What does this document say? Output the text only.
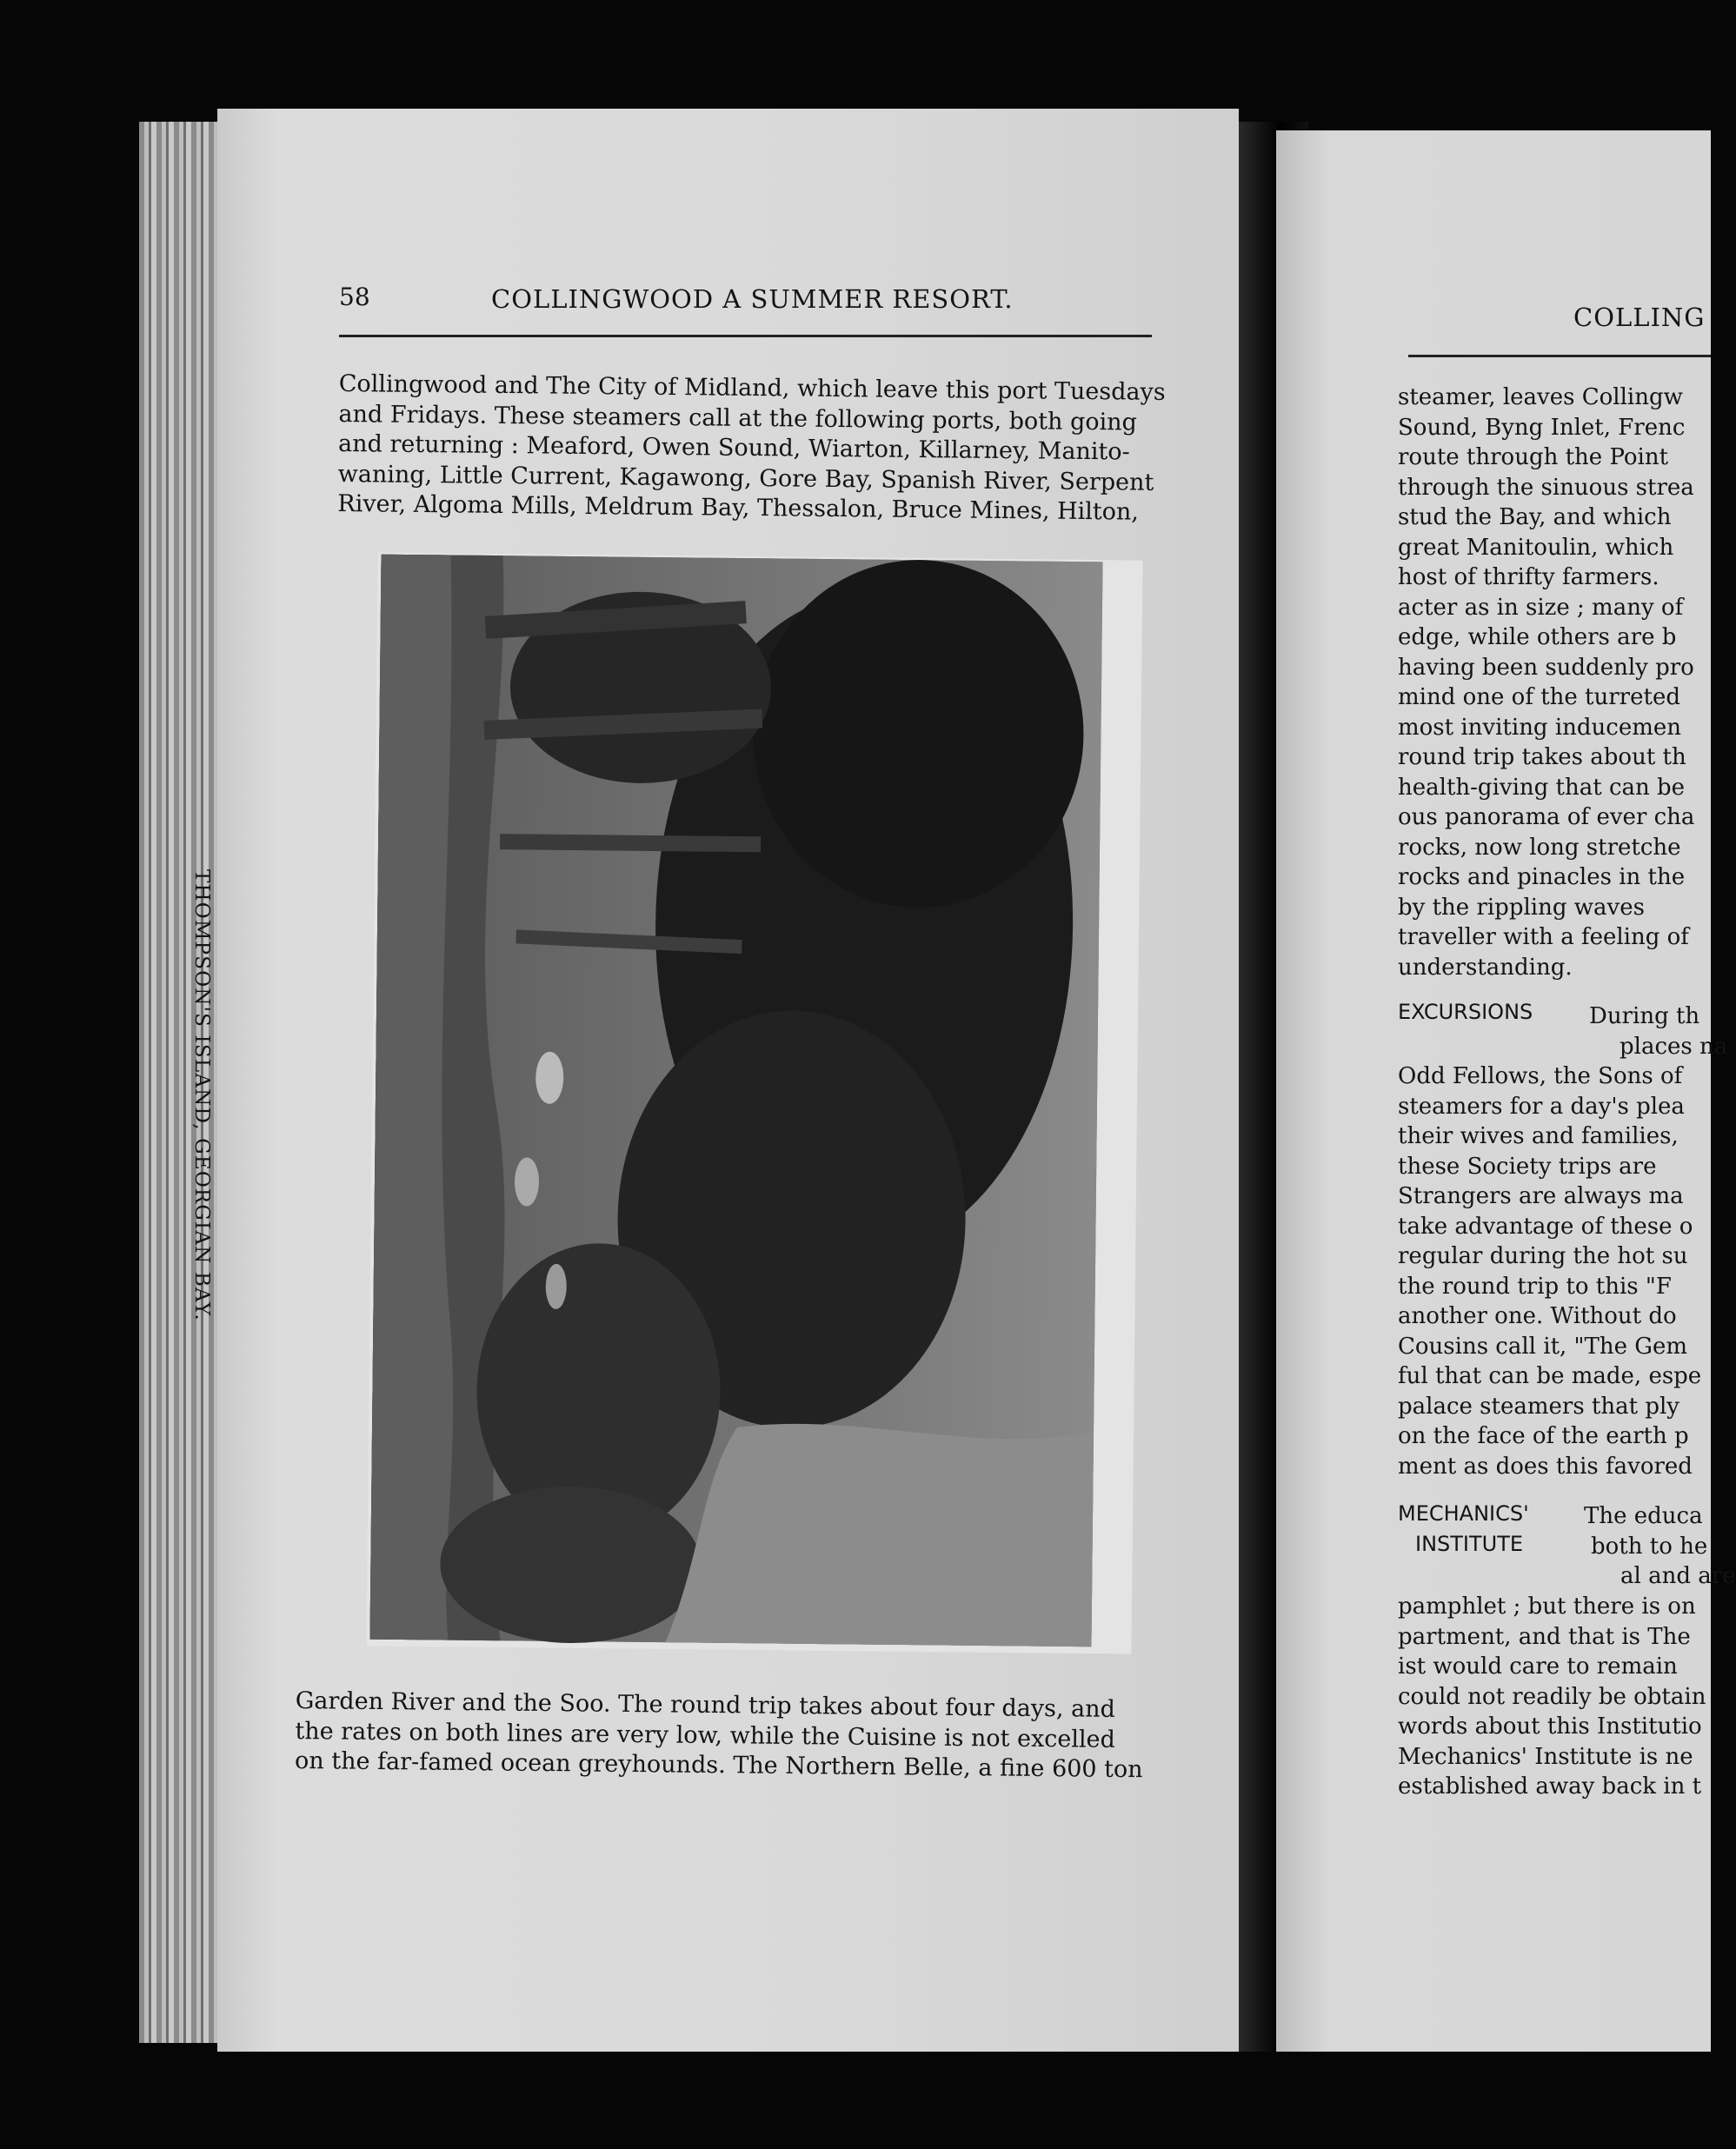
58	COLLINGWOOD A SUMMER RESORT.
Collingwood and The City of Midland, which leave this port Tuesdays
and Fridays. These steamers call at the following ports, both going
and returning : Meaford, Owen Sound, Wiarton, Killarney, Manito-
waning, Little Current, Kagawong, Gore Bay, Spanish River, Serpent
River, Algoma Mills, Meldrum Bay, Thessalon, Bruce Mines, Hilton,
THOMPSON'S ISLAND, GEORGIAN BAY.
Garden River and the Soo. The round trip takes about four days, and
the rates on both lines are very low, while the Cuisine is not excelled
on the far-famed ocean greyhounds. The Northern Belle, a fine 600 ton
COLLING
steamer, leaves Collingw
Sound, Byng Inlet, Frenc
route through the Point
through the sinuous strea
stud the Bay, and which
great Manitoulin, which
host of thrifty farmers.
acter as in size ; many of
edge, while others are b
having been suddenly pro
mind one of the turreted
most inviting inducemen
round trip takes about th
health-giving that can be
ous panorama of ever cha
rocks, now long stretche
rocks and pinacles in the
by the rippling waves
traveller with a feeling of
understanding.
EXCURSIONS During th
places na
Odd Fellows, the Sons of
steamers for a day's plea
their wives and families,
these Society trips are
Strangers are always ma
take advantage of these o
regular during the hot su
the round trip to this "F
another one. Without do
Cousins call it, "The Gem
ful that can be made, espe
palace steamers that ply
on the face of the earth p
ment as does this favored
MECHANICS'
INSTITUTE
The educa
both to he
al and are
pamphlet ; but there is on
partment, and that is The
ist would care to remain
could not readily be obtain
words about this Institutio
Mechanics' Institute is ne
established away back in t
